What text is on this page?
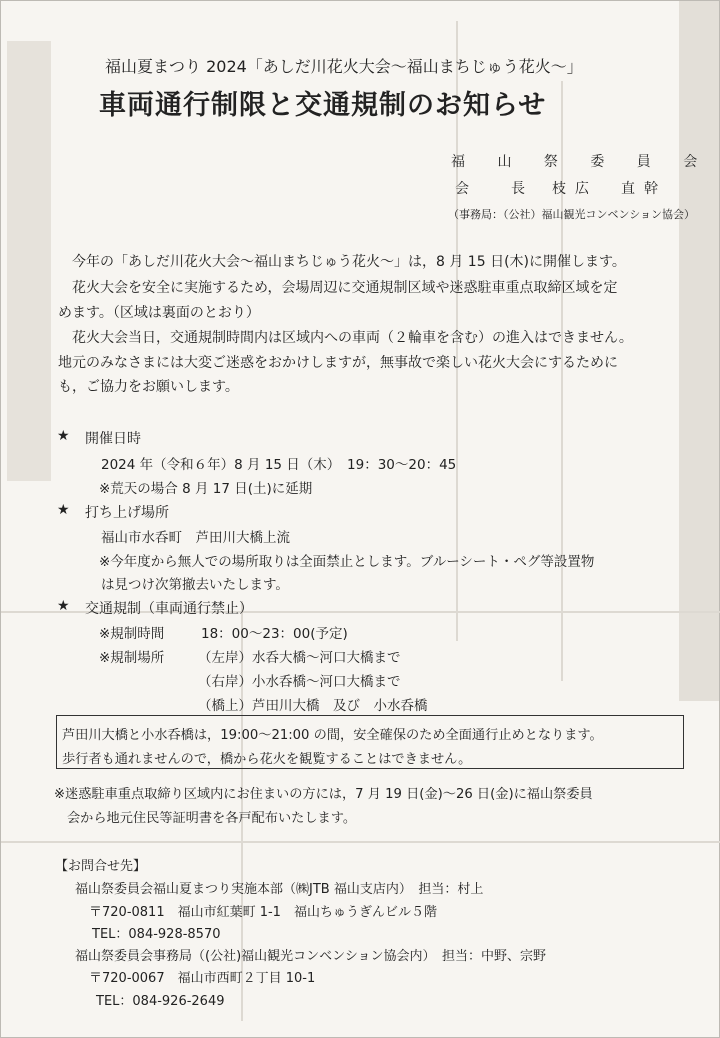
福山夏まつり 2024「あしだ川花火大会～福山まちじゅう花火～」
車両通行制限と交通規制のお知らせ
福 山 祭 委 員 会
会　長 枝広　直幹
（事務局：（公社）福山観光コンベンション協会）
今年の「あしだ川花火大会～福山まちじゅう花火～」は，8 月 15 日(木)に開催します。
花火大会を安全に実施するため，会場周辺に交通規制区域や迷惑駐車重点取締区域を定
めます。（区域は裏面のとおり）
花火大会当日，交通規制時間内は区域内への車両（２輪車を含む）の進入はできません。
地元のみなさまには大変ご迷惑をおかけしますが，無事故で楽しい花火大会にするために
も，ご協力をお願いします。
★ 開催日時
2024 年（令和６年）8 月 15 日（木）　19：30～20：45
※荒天の場合 8 月 17 日(土)に延期
★ 打ち上げ場所
福山市水呑町　芦田川大橋上流
※今年度から無人での場所取りは全面禁止とします。ブルーシート・ペグ等設置物
は見つけ次第撤去いたします。
★ 交通規制（車両通行禁止）
※規制時間	18：00～23：00(予定)
※規制場所 （左岸）水呑大橋～河口大橋まで
（右岸）小水呑橋～河口大橋まで
（橋上）芦田川大橋　及び　小水呑橋
芦田川大橋と小水呑橋は，19:00～21:00 の間，安全確保のため全面通行止めとなります。
歩行者も通れませんので，橋から花火を観覧することはできません。
※迷惑駐車重点取締り区域内にお住まいの方には，7 月 19 日(金)～26 日(金)に福山祭委員
会から地元住民等証明書を各戸配布いたします。
【お問合せ先】
福山祭委員会福山夏まつり実施本部（㈱JTB 福山支店内）　担当：村上
〒720-0811　福山市紅葉町 1-1　福山ちゅうぎんビル５階
TEL：084-928-8570
福山祭委員会事務局（(公社)福山観光コンベンション協会内）　担当：中野、宗野
〒720-0067　福山市西町２丁目 10-1
TEL：084-926-2649
